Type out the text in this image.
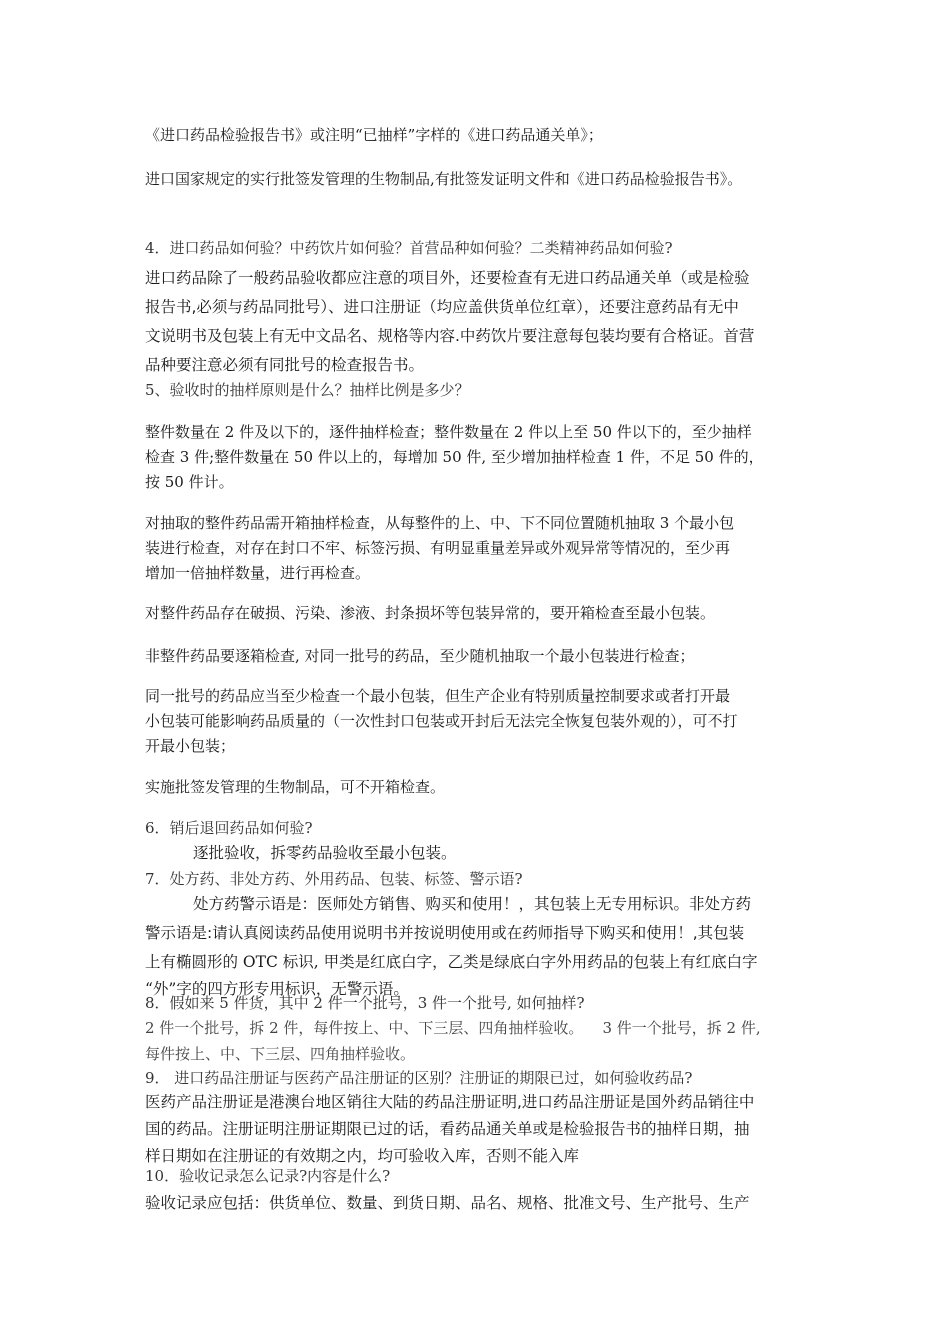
《进口药品检验报告书》或注明“已抽样”字样的《进口药品通关单》；

进口国家规定的实行批签发管理的生物制品,有批签发证明文件和《进口药品检验报告书》。

4．进口药品如何验？中药饮片如何验？首营品种如何验？二类精神药品如何验?

进口药品除了一般药品验收都应注意的项目外，还要检查有无进口药品通关单（或是检验
报告书,必须与药品同批号）、进口注册证（均应盖供货单位红章），还要注意药品有无中
文说明书及包装上有无中文品名、规格等内容.中药饮片要注意每包装均要有合格证。首营
品种要注意必须有同批号的检查报告书。

5、验收时的抽样原则是什么？抽样比例是多少？

整件数量在 2 件及以下的，逐件抽样检查；整件数量在 2 件以上至 50 件以下的，至少抽样
检查 3 件;整件数量在 50 件以上的，每增加 50 件, 至少增加抽样检查 1 件，不足 50 件的，
按 50 件计。
对抽取的整件药品需开箱抽样检查，从每整件的上、中、下不同位置随机抽取 3 个最小包
装进行检查，对存在封口不牢、标签污损、有明显重量差异或外观异常等情况的，至少再
增加一倍抽样数量，进行再检查。

对整件药品存在破损、污染、渗液、封条损坏等包装异常的，要开箱检查至最小包装。

非整件药品要逐箱检查, 对同一批号的药品，至少随机抽取一个最小包装进行检查；

同一批号的药品应当至少检查一个最小包装，但生产企业有特别质量控制要求或者打开最
小包装可能影响药品质量的（一次性封口包装或开封后无法完全恢复包装外观的），可不打
开最小包装；

实施批签发管理的生物制品，可不开箱检查。

6．销后退回药品如何验?

逐批验收，拆零药品验收至最小包装。

7．处方药、非处方药、外用药品、包装、标签、警示语?

处方药警示语是：医师处方销售、购买和使用！，其包装上无专用标识。非处方药
警示语是:请认真阅读药品使用说明书并按说明使用或在药师指导下购买和使用！,其包装
上有椭圆形的 OTC 标识, 甲类是红底白字，乙类是绿底白字外用药品的包装上有红底白字
“外”字的四方形专用标识，无警示语。

8．假如来 5 件货，其中 2 件一个批号，3 件一个批号, 如何抽样?

2 件一个批号，拆 2 件，每件按上、中、下三层、四角抽样验收。    3 件一个批号，拆 2 件,
每件按上、中、下三层、四角抽样验收。

9． 进口药品注册证与医药产品注册证的区别？注册证的期限已过，如何验收药品?

医药产品注册证是港澳台地区销往大陆的药品注册证明,进口药品注册证是国外药品销往中
国的药品。注册证明注册证期限已过的话，看药品通关单或是检验报告书的抽样日期，抽
样日期如在注册证的有效期之内，均可验收入库，否则不能入库

10．验收记录怎么记录?内容是什么?

验收记录应包括：供货单位、数量、到货日期、品名、规格、批准文号、生产批号、生产
